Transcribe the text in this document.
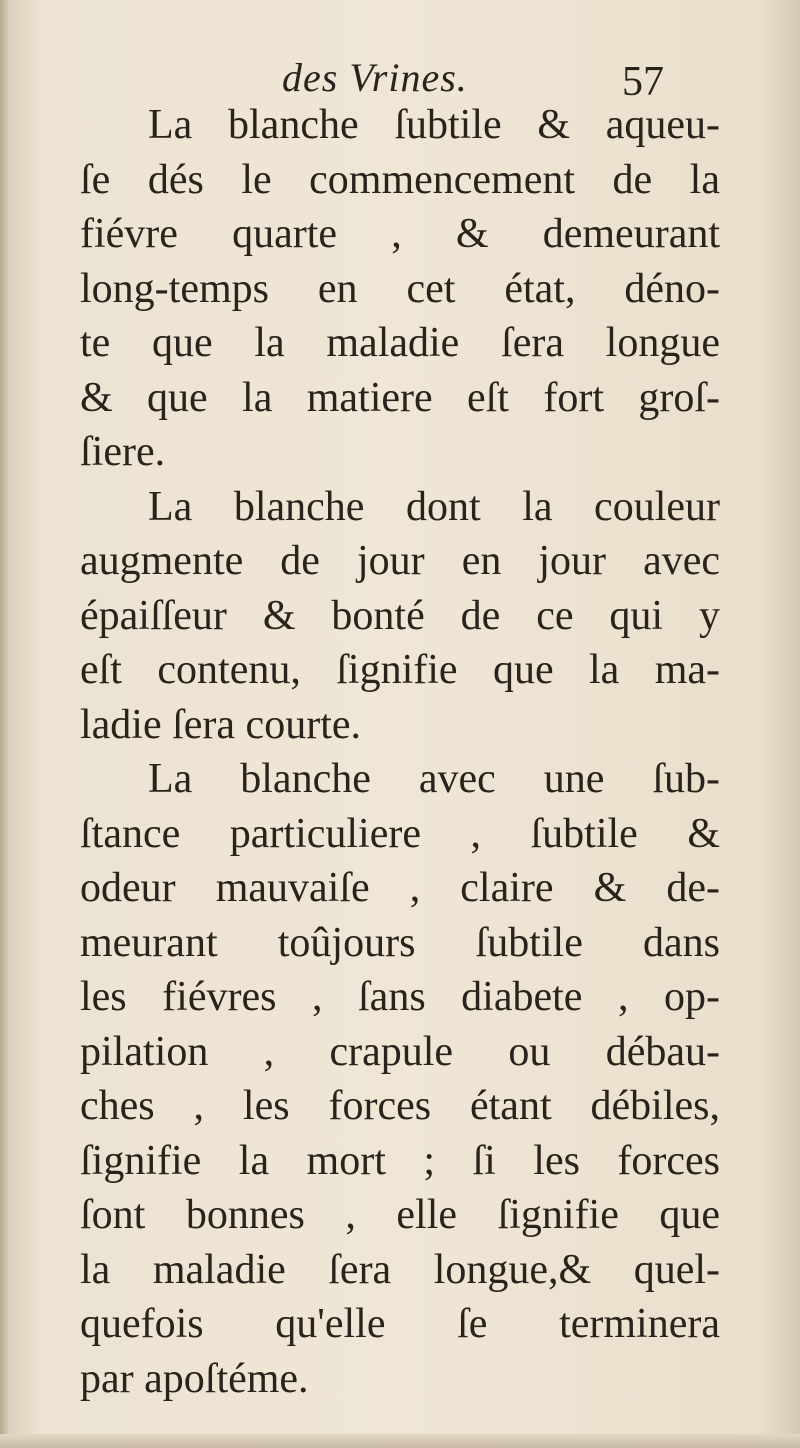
des Vrines.	57
La blanche ſubtile & aqueu-
ſe dés le commencement de la
fiévre quarte , & demeurant
long-temps en cet état, déno-
te que la maladie ſera longue
& que la matiere eſt fort groſ-
ſiere.
La blanche dont la couleur
augmente de jour en jour avec
épaiſſeur & bonté de ce qui y
eſt contenu, ſignifie que la ma-
ladie ſera courte.
La blanche avec une ſub-
ſtance particuliere , ſubtile &
odeur mauvaiſe , claire & de-
meurant toûjours ſubtile dans
les fiévres , ſans diabete , op-
pilation , crapule ou débau-
ches , les forces étant débiles,
ſignifie la mort ; ſi les forces
ſont bonnes , elle ſignifie que
la maladie ſera longue,& quel-
quefois qu'elle ſe terminera
par apoſtéme.
